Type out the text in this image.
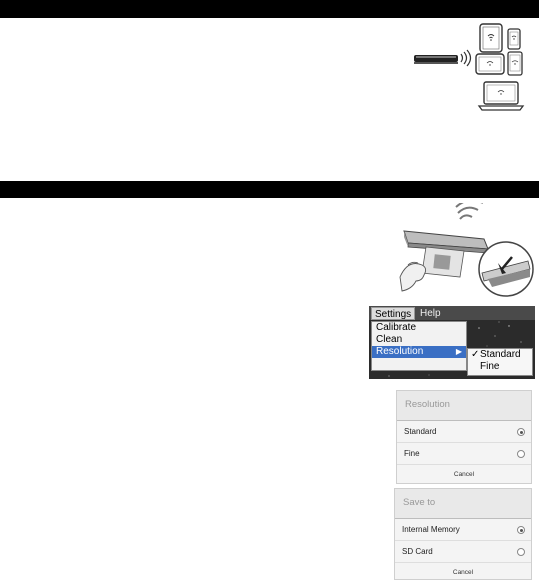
Settings Help
Calibrate
Clean
Resolution	▶ ✓Standard
Fine
Resolution
Standard
Fine
Cancel
Save to
Internal Memory
SD Card
Cancel
